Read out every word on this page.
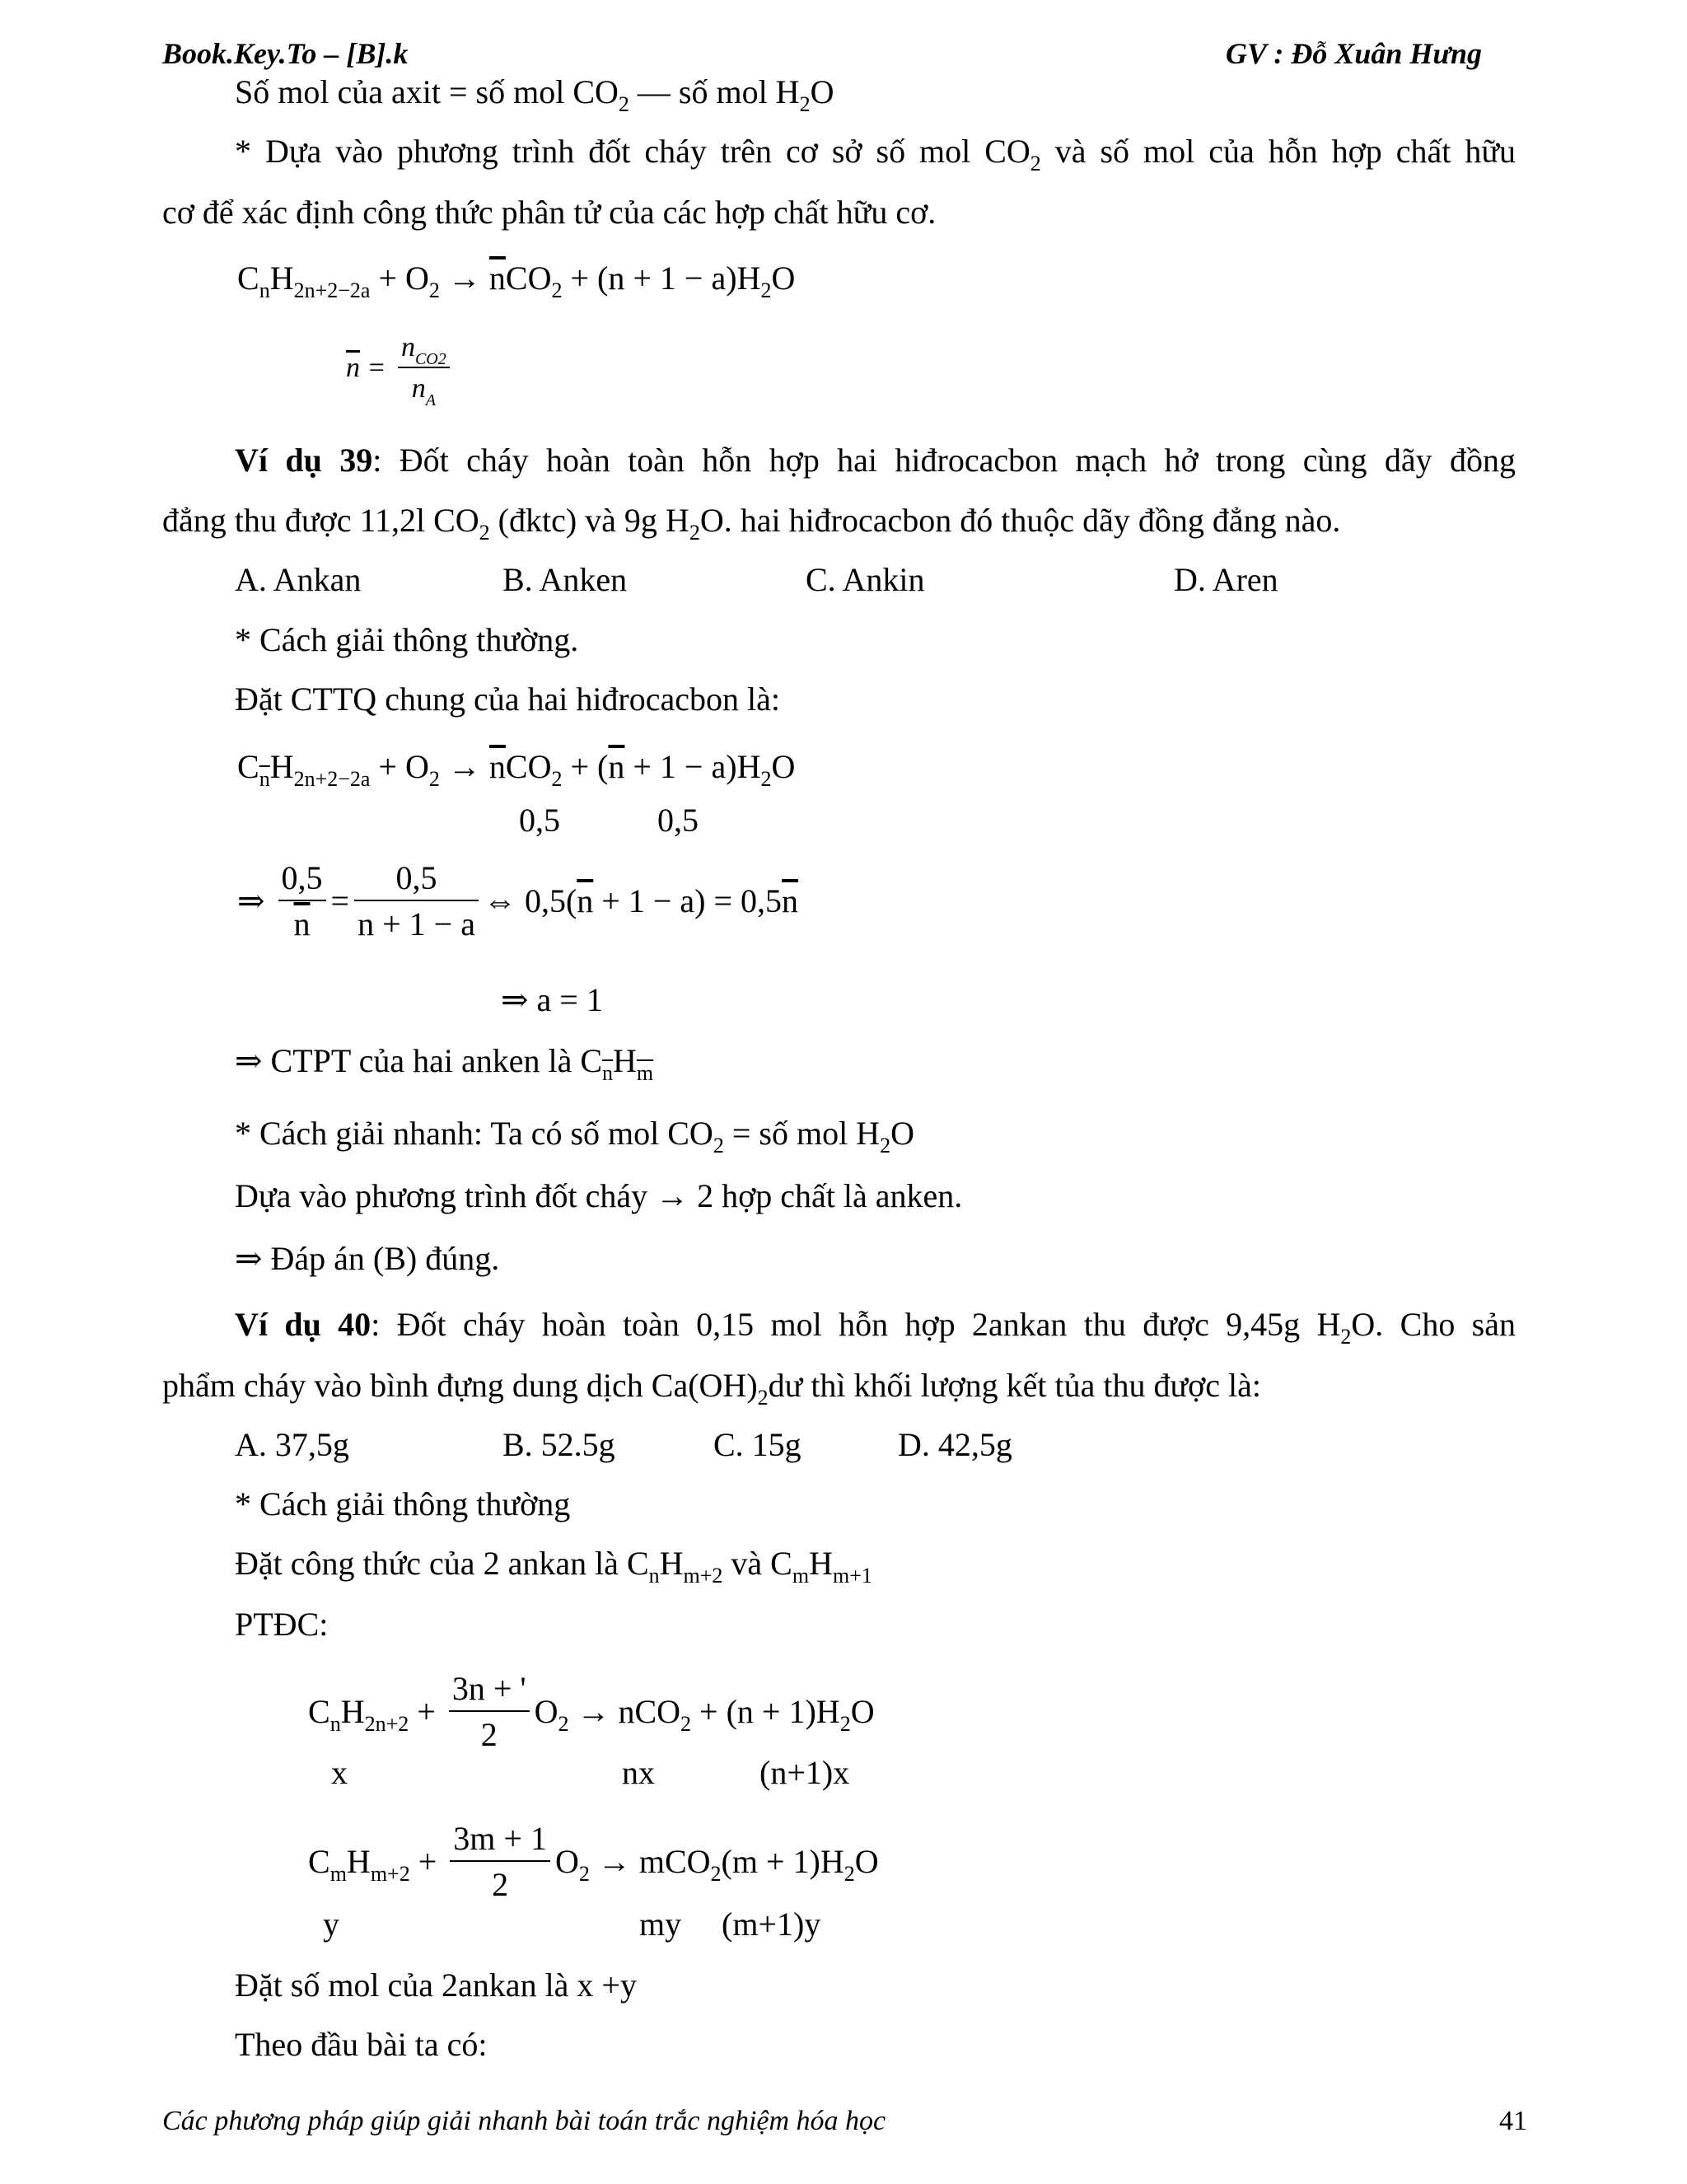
Book.Key.To – [B].k	GV : Đỗ Xuân Hưng
Số mol của axit = số mol $CO_2$ — số mol $H_2O$
* Dựa vào phương trình đốt cháy trên cơ sở số mol $CO_2$ và số mol của hỗn hợp chất hữu
cơ để xác định công thức phân tử của các hợp chất hữu cơ.
$C_nH_{2n+2-2a} + O_2 \to \overline{n}CO_2 + (n + 1 - a)H_2O$
$\overline{n} = \frac{n_{CO2}}{n_A}$
Ví dụ 39: Đốt cháy hoàn toàn hỗn hợp hai hiđrocacbon mạch hở trong cùng dãy đồng
đẳng thu được 11,2l $CO_2$ (đktc) và 9g $H_2O$. hai hiđrocacbon đó thuộc dãy đồng đẳng nào.
A. Ankan	B. Anken	C. Ankin	D. Aren
* Cách giải thông thường.
Đặt CTTQ chung của hai hiđrocacbon là:
$C_{\overline{n}}H_{2n+2-2a} + O_2 \to \overline{n}CO_2 + (\overline{n} + 1 - a)H_2O$
0,5	0,5
⇒ $\frac{0,5}{n} = \frac{0,5}{n + 1 - a}$ ⇔ $0,5(\overline{n} + 1 - a) = 0,5\overline{n}$
⇒ a = 1
⇒ CTPT của hai anken là $C_{\overline{n}}H_{\overline{m}}$
* Cách giải nhanh: Ta có số mol $CO_2$ = số mol $H_2O$
Dựa vào phương trình đốt cháy → 2 hợp chất là anken.
⇒ Đáp án (B) đúng.
Ví dụ 40: Đốt cháy hoàn toàn 0,15 mol hỗn hợp 2ankan thu được 9,45g $H_2O$. Cho sản
phẩm cháy vào bình đựng dung dịch $Ca(OH)_2dư$ thì khối lượng kết tủa thu được là:
A. 37,5g	B. 52.5g	C. 15g	D. 42,5g
* Cách giải thông thường
Đặt công thức của 2 ankan là $C_nH_{m+2}$ và $C_mH_{m+1}$
PTĐC:
$C_nH_{2n+2} + \frac{3n + '}{2} O_2 \to nCO_2 + (n + 1)H_2O$
x	nx	(n+1)x
$C_mH_{m+2} + \frac{3m + 1}{2} O_2 \to mCO_2(m + 1)H_2O$
y	my (m+1)y
Đặt số mol của 2ankan là x +y
Theo đầu bài ta có:
Các phương pháp giúp giải nhanh bài toán trắc nghiệm hóa học	41
